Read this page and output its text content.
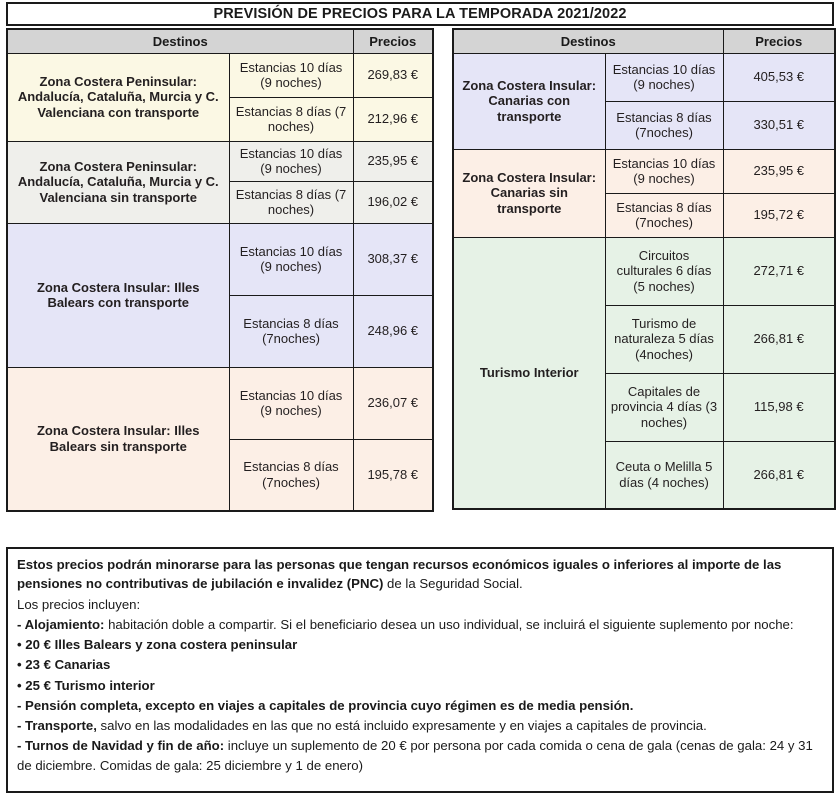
PREVISIÓN DE PRECIOS PARA LA TEMPORADA 2021/2022
Destinos		Precios
Zona Costera Peninsular: Andalucía, Cataluña, Murcia y C. Valenciana con transporte	Estancias 10 días (9 noches)	269,83 €
	Estancias 8 días (7 noches)	212,96 €
Zona Costera Peninsular: Andalucía, Cataluña, Murcia y C. Valenciana sin transporte	Estancias 10 días (9 noches)	235,95 €
	Estancias 8 días (7 noches)	196,02 €
Zona Costera Insular: Illes Balears con transporte	Estancias 10 días (9 noches)	308,37 €
	Estancias 8 días (7noches)	248,96 €
Zona Costera Insular: Illes Balears sin transporte	Estancias 10 días (9 noches)	236,07 €
	Estancias 8 días (7noches)	195,78 €
Destinos		Precios
Zona Costera Insular: Canarias con transporte	Estancias 10 días (9 noches)	405,53 €
	Estancias 8 días (7noches)	330,51 €
Zona Costera Insular: Canarias sin transporte	Estancias 10 días (9 noches)	235,95 €
	Estancias 8 días (7noches)	195,72 €
Turismo Interior	Circuitos culturales 6 días (5 noches)	272,71 €
	Turismo de naturaleza 5 días (4noches)	266,81 €
	Capitales de provincia 4 días (3 noches)	115,98 €
	Ceuta o Melilla 5 días (4 noches)	266,81 €

Estos precios podrán minorarse para las personas que tengan recursos económicos iguales o inferiores al importe de las pensiones no contributivas de jubilación e invalidez (PNC) de la Seguridad Social.

Los precios incluyen:

- Alojamiento: habitación doble a compartir. Si el beneficiario desea un uso individual, se incluirá el siguiente suplemento por noche:

• 20 € Illes Balears y zona costera peninsular

• 23 € Canarias

• 25 € Turismo interior

- Pensión completa, excepto en viajes a capitales de provincia cuyo régimen es de media pensión.

- Transporte, salvo en las modalidades en las que no está incluido expresamente y en viajes a capitales de provincia.

- Turnos de Navidad y fin de año: incluye un suplemento de 20 € por persona por cada comida o cena de gala (cenas de gala: 24 y 31 de diciembre. Comidas de gala: 25 diciembre y 1 de enero)
